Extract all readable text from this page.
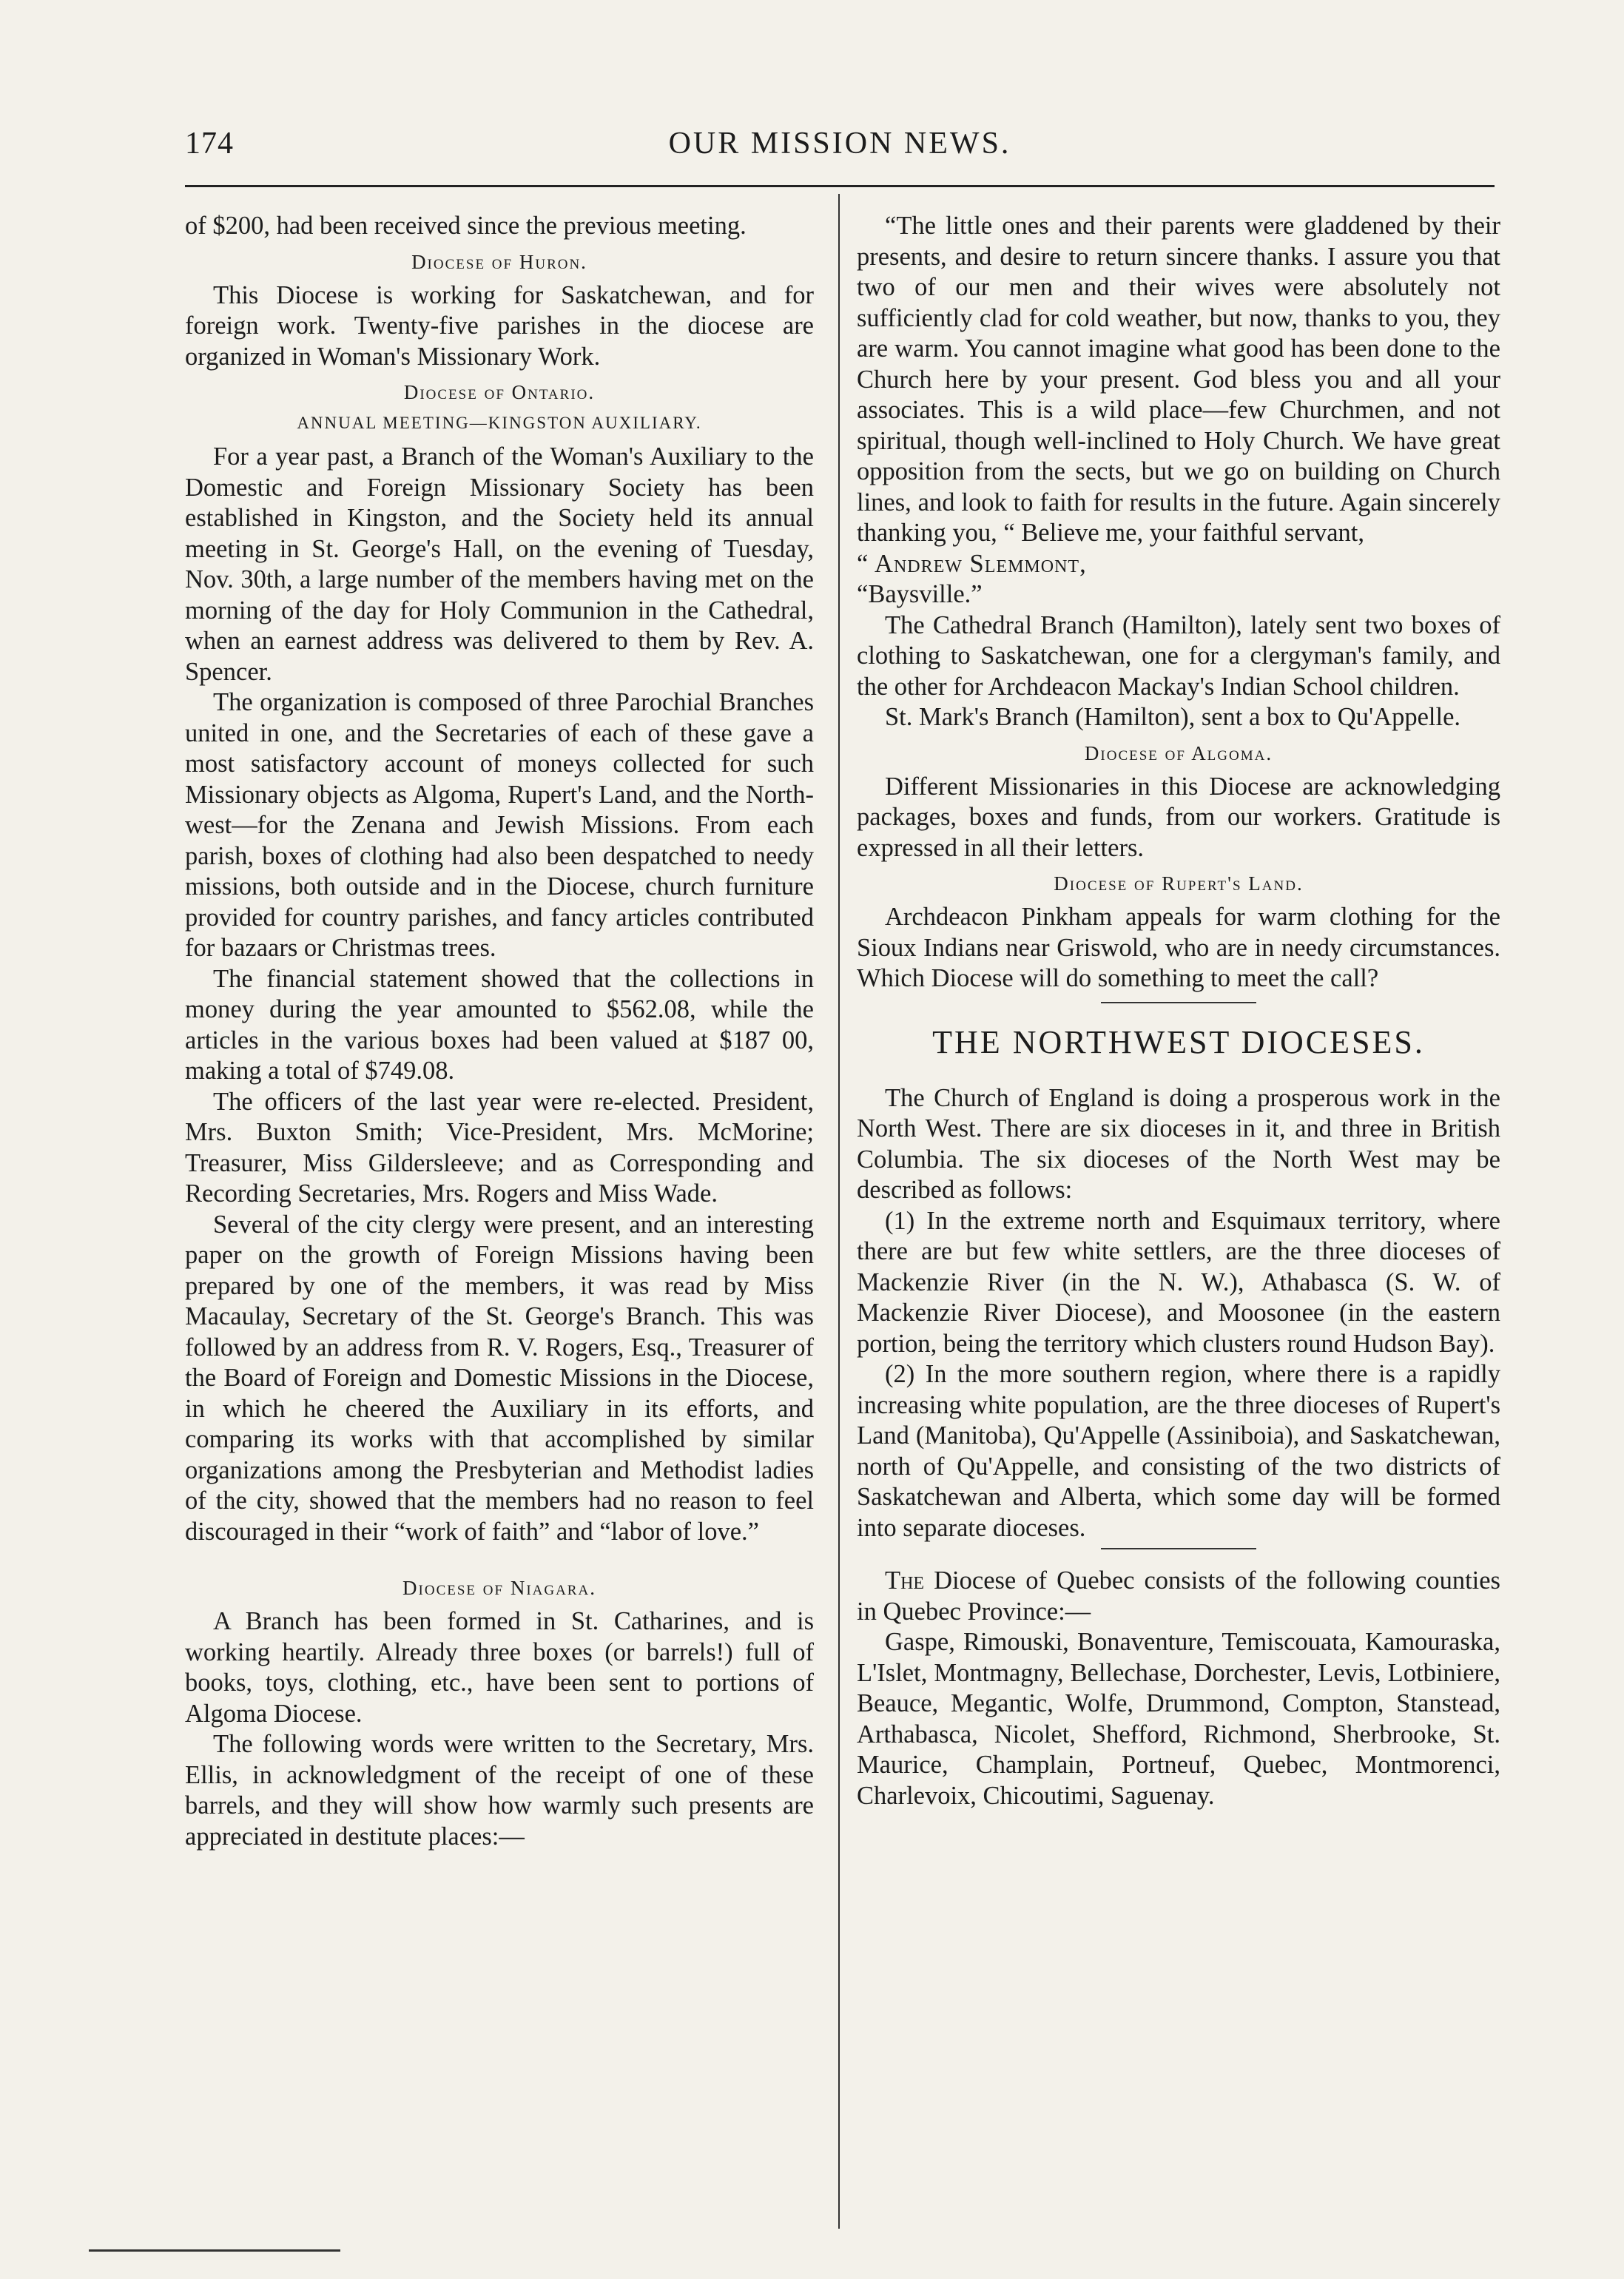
174	OUR MISSION NEWS.

of $200, had been received since the previous meeting.

Diocese of Huron.

This Diocese is working for Saskatchewan, and for foreign work. Twenty-five parishes in the diocese are organized in Woman's Missionary Work.

Diocese of Ontario.
ANNUAL MEETING—KINGSTON AUXILIARY.

For a year past, a Branch of the Woman's Auxiliary to the Domestic and Foreign Missionary Society has been established in Kingston, and the Society held its annual meeting in St. George's Hall, on the evening of Tuesday, Nov. 30th, a large number of the members having met on the morning of the day for Holy Communion in the Cathedral, when an earnest address was delivered to them by Rev. A. Spencer.

The organization is composed of three Parochial Branches united in one, and the Secretaries of each of these gave a most satisfactory account of moneys collected for such Missionary objects as Algoma, Rupert's Land, and the North-west—for the Zenana and Jewish Missions. From each parish, boxes of clothing had also been despatched to needy missions, both outside and in the Diocese, church furniture provided for country parishes, and fancy articles contributed for bazaars or Christmas trees.

The financial statement showed that the collections in money during the year amounted to $562.08, while the articles in the various boxes had been valued at $187 00, making a total of $749.08.

The officers of the last year were re-elected. President, Mrs. Buxton Smith; Vice-President, Mrs. McMorine; Treasurer, Miss Gildersleeve; and as Corresponding and Recording Secretaries, Mrs. Rogers and Miss Wade.

Several of the city clergy were present, and an interesting paper on the growth of Foreign Missions having been prepared by one of the members, it was read by Miss Macaulay, Secretary of the St. George's Branch. This was followed by an address from R. V. Rogers, Esq., Treasurer of the Board of Foreign and Domestic Missions in the Diocese, in which he cheered the Auxiliary in its efforts, and comparing its works with that accomplished by similar organizations among the Presbyterian and Methodist ladies of the city, showed that the members had no reason to feel discouraged in their “work of faith” and “labor of love.”

Diocese of Niagara.

A Branch has been formed in St. Catharines, and is working heartily. Already three boxes (or barrels!) full of books, toys, clothing, etc., have been sent to portions of Algoma Diocese.

The following words were written to the Secretary, Mrs. Ellis, in acknowledgment of the receipt of one of these barrels, and they will show how warmly such presents are appreciated in destitute places:—

“The little ones and their parents were gladdened by their presents, and desire to return sincere thanks. I assure you that two of our men and their wives were absolutely not sufficiently clad for cold weather, but now, thanks to you, they are warm. You cannot imagine what good has been done to the Church here by your present. God bless you and all your associates. This is a wild place—few Churchmen, and not spiritual, though well-inclined to Holy Church. We have great opposition from the sects, but we go on building on Church lines, and look to faith for results in the future. Again sincerely thanking you, “ Believe me, your faithful servant,

“ Andrew Slemmont,

“Baysville.”

The Cathedral Branch (Hamilton), lately sent two boxes of clothing to Saskatchewan, one for a clergyman's family, and the other for Archdeacon Mackay's Indian School children.

St. Mark's Branch (Hamilton), sent a box to Qu'Appelle.

Diocese of Algoma.

Different Missionaries in this Diocese are acknowledging packages, boxes and funds, from our workers. Gratitude is expressed in all their letters.

Diocese of Rupert's Land.

Archdeacon Pinkham appeals for warm clothing for the Sioux Indians near Griswold, who are in needy circumstances. Which Diocese will do something to meet the call?

THE NORTHWEST DIOCESES.

The Church of England is doing a prosperous work in the North West. There are six dioceses in it, and three in British Columbia. The six dioceses of the North West may be described as follows:

(1) In the extreme north and Esquimaux territory, where there are but few white settlers, are the three dioceses of Mackenzie River (in the N. W.), Athabasca (S. W. of Mackenzie River Diocese), and Moosonee (in the eastern portion, being the territory which clusters round Hudson Bay).

(2) In the more southern region, where there is a rapidly increasing white population, are the three dioceses of Rupert's Land (Manitoba), Qu'Appelle (Assiniboia), and Saskatchewan, north of Qu'Appelle, and consisting of the two districts of Saskatchewan and Alberta, which some day will be formed into separate dioceses.

The Diocese of Quebec consists of the following counties in Quebec Province:—

Gaspe, Rimouski, Bonaventure, Temiscouata, Kamouraska, L'Islet, Montmagny, Bellechase, Dorchester, Levis, Lotbiniere, Beauce, Megantic, Wolfe, Drummond, Compton, Stanstead, Arthabasca, Nicolet, Shefford, Richmond, Sherbrooke, St. Maurice, Champlain, Portneuf, Quebec, Montmorenci, Charlevoix, Chicoutimi, Saguenay.
